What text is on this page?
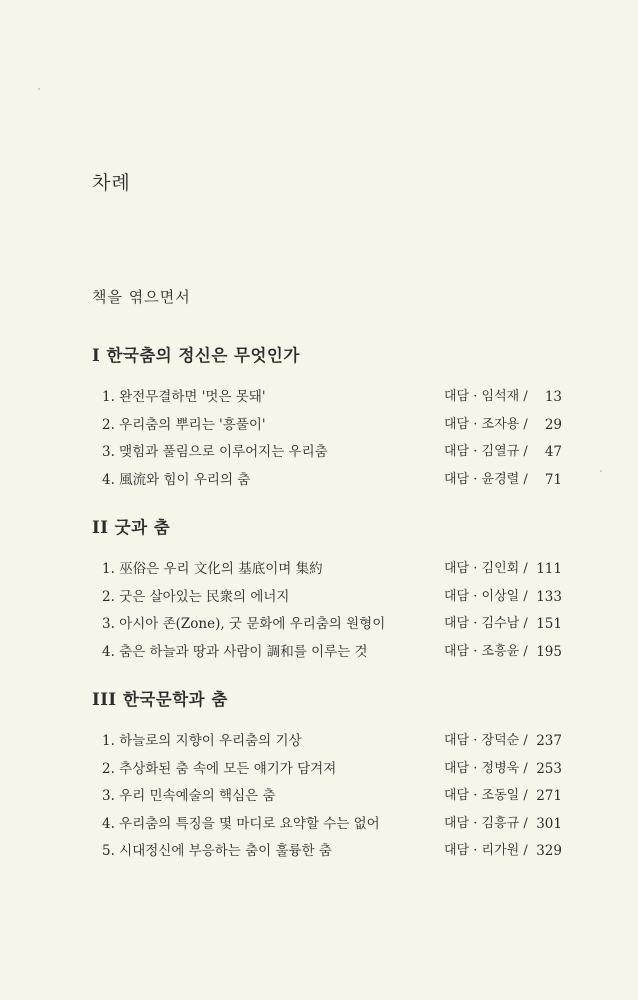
차례
책을 엮으면서
I 한국춤의 정신은 무엇인가
1. 완전무결하면 '멋은 못돼'	대담 · 임석재 / 13
2. 우리춤의 뿌리는 '흥풀이'	대담 · 조자용 / 29
3. 맺힘과 풀림으로 이루어지는 우리춤	대담 · 김열규 / 47
4. 風流와 힘이 우리의 춤	대담 · 윤경렬 / 71
II 굿과 춤
1. 巫俗은 우리 文化의 基底이며 集約	대담 · 김인회 / 111
2. 굿은 살아있는 民衆의 에너지	대담 · 이상일 / 133
3. 아시아 존(Zone), 굿 문화에 우리춤의 원형이	대담 · 김수남 / 151
4. 춤은 하늘과 땅과 사람이 調和를 이루는 것	대담 · 조흥윤 / 195
III 한국문학과 춤
1. 하늘로의 지향이 우리춤의 기상	대담 · 장덕순 / 237
2. 추상화된 춤 속에 모든 얘기가 담겨져	대담 · 정병욱 / 253
3. 우리 민속예술의 핵심은 춤	대담 · 조동일 / 271
4. 우리춤의 특징을 몇 마디로 요약할 수는 없어	대담 · 김흥규 / 301
5. 시대정신에 부응하는 춤이 훌륭한 춤	대담 · 리가원 / 329
